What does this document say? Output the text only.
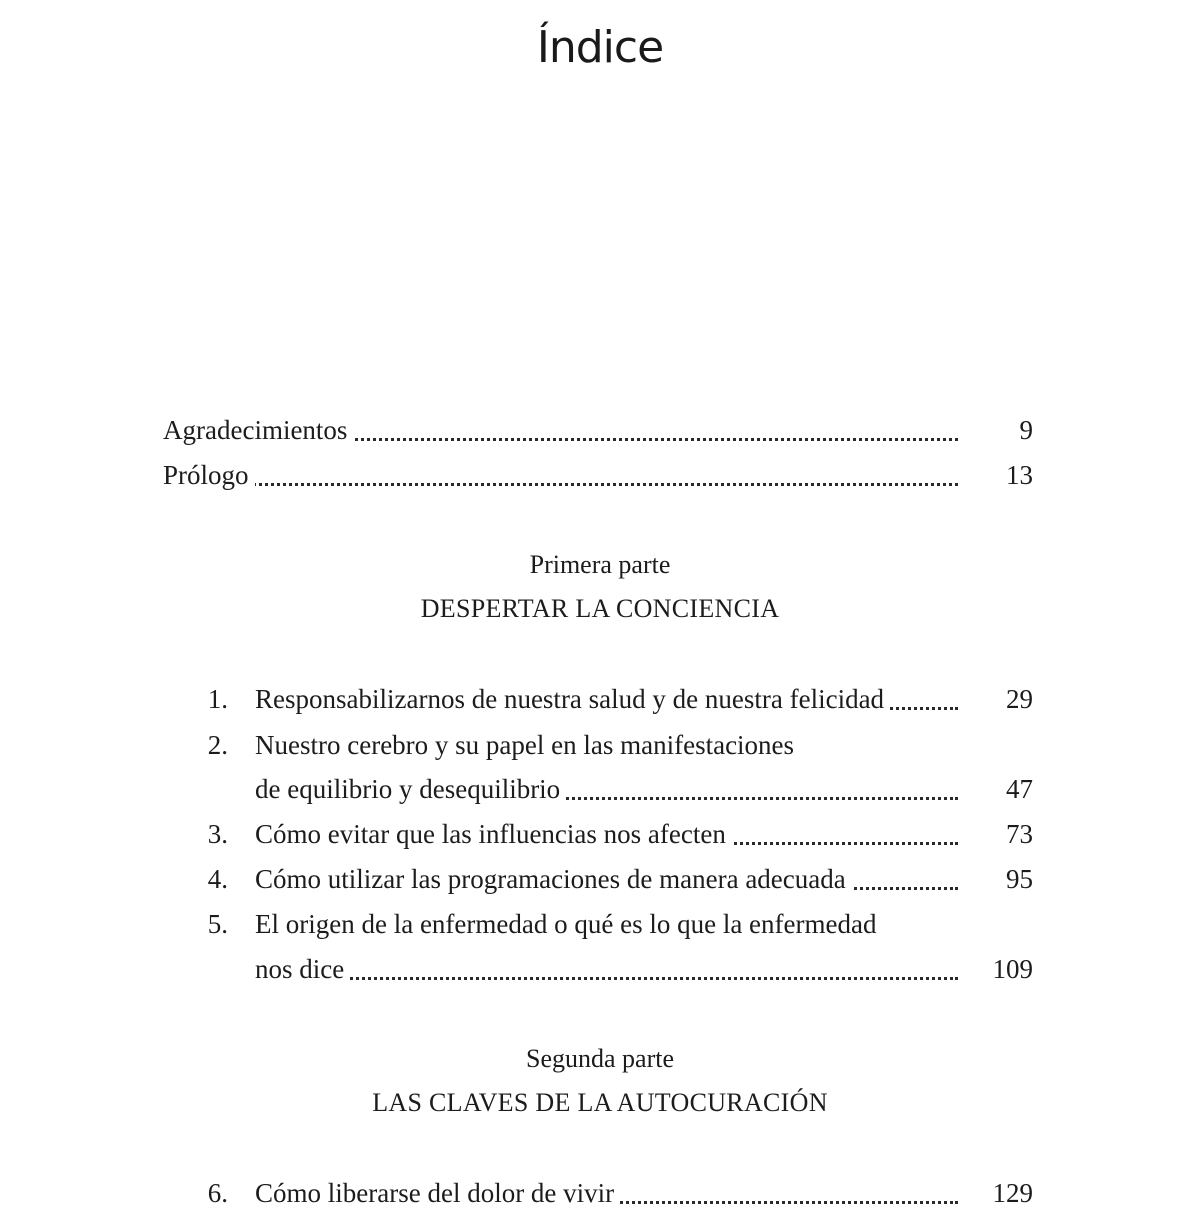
Índice
Agradecimientos	9
Prólogo	13
Primera parte
DESPERTAR LA CONCIENCIA
1. Responsabilizarnos de nuestra salud y de nuestra felicidad	29
2. Nuestro cerebro y su papel en las manifestaciones
de equilibrio y desequilibrio	47
3. Cómo evitar que las influencias nos afecten	73
4. Cómo utilizar las programaciones de manera adecuada	95
5. El origen de la enfermedad o qué es lo que la enfermedad
nos dice	109
Segunda parte
LAS CLAVES DE LA AUTOCURACIÓN
6. Cómo liberarse del dolor de vivir	129
